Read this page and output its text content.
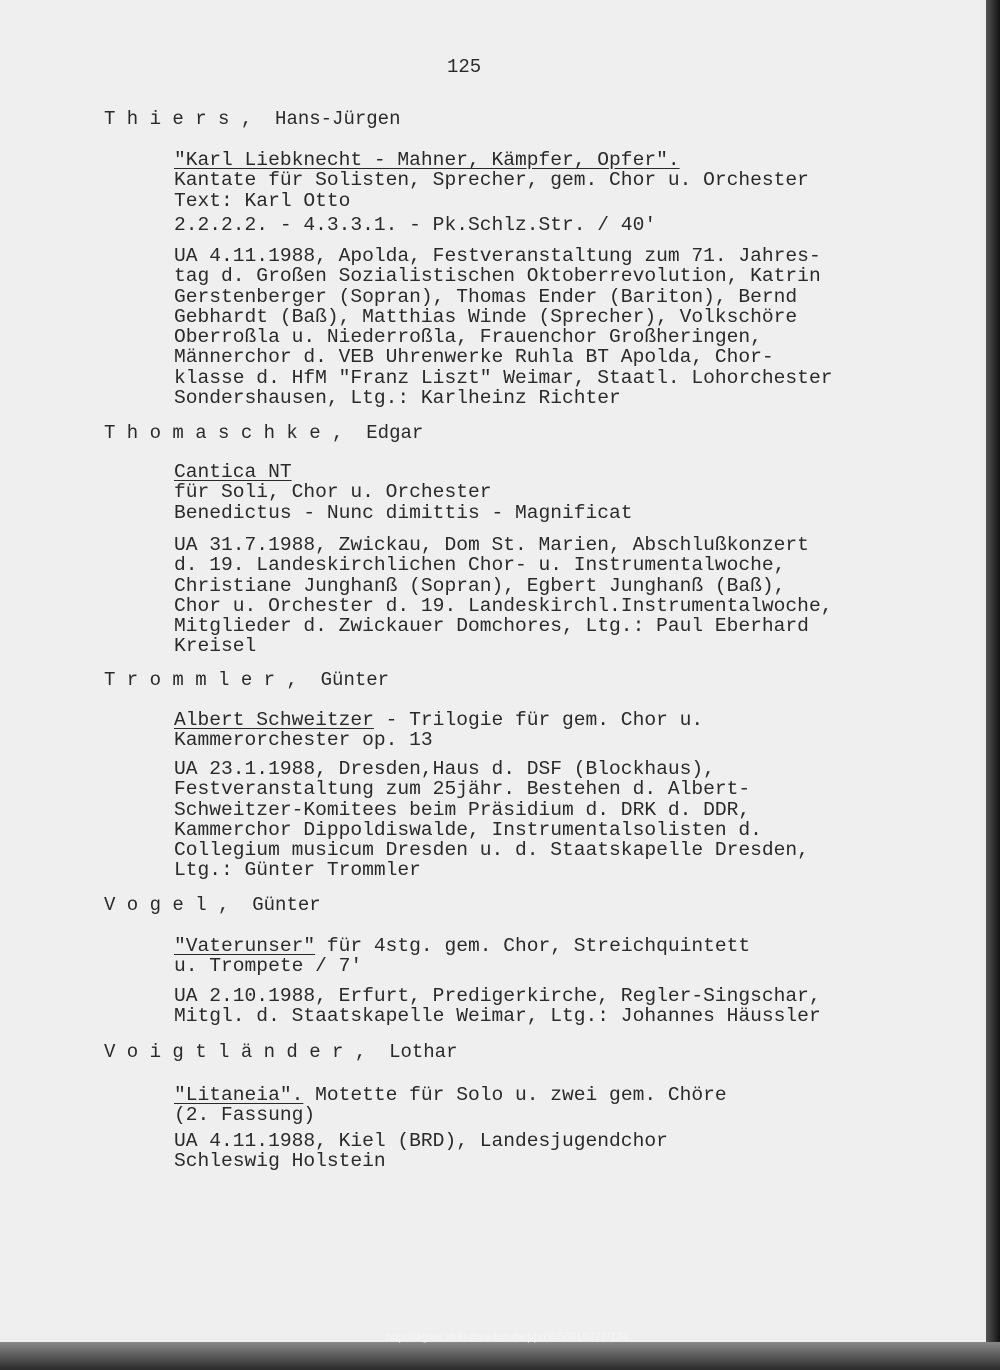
125
T h i e r s , Hans-Jürgen
"Karl Liebknecht - Mahner, Kämpfer, Opfer".
Kantate für Solisten, Sprecher, gem. Chor u. Orchester
Text: Karl Otto
2.2.2.2. - 4.3.3.1. - Pk.Schlz.Str. / 40'
UA 4.11.1988, Apolda, Festveranstaltung zum 71. Jahres-
tag d. Großen Sozialistischen Oktoberrevolution, Katrin
Gerstenberger (Sopran), Thomas Ender (Bariton), Bernd
Gebhardt (Baß), Matthias Winde (Sprecher), Volkschöre
Oberroßla u. Niederroßla, Frauenchor Großheringen,
Männerchor d. VEB Uhrenwerke Ruhla BT Apolda, Chor-
klasse d. HfM "Franz Liszt" Weimar, Staatl. Lohorchester
Sondershausen, Ltg.: Karlheinz Richter
T h o m a s c h k e , Edgar
Cantica NT
für Soli, Chor u. Orchester
Benedictus - Nunc dimittis - Magnificat
UA 31.7.1988, Zwickau, Dom St. Marien, Abschlußkonzert
d. 19. Landeskirchlichen Chor- u. Instrumentalwoche,
Christiane Junghanß (Sopran), Egbert Junghanß (Baß),
Chor u. Orchester d. 19. Landeskirchl.Instrumentalwoche,
Mitglieder d. Zwickauer Domchores, Ltg.: Paul Eberhard
Kreisel
T r o m m l e r , Günter
Albert Schweitzer - Trilogie für gem. Chor u.
Kammerorchester op. 13
UA 23.1.1988, Dresden,Haus d. DSF (Blockhaus),
Festveranstaltung zum 25jähr. Bestehen d. Albert-
Schweitzer-Komitees beim Präsidium d. DRK d. DDR,
Kammerchor Dippoldiswalde, Instrumentalsolisten d.
Collegium musicum Dresden u. d. Staatskapelle Dresden,
Ltg.: Günter Trommler
V o g e l , Günter
"Vaterunser" für 4stg. gem. Chor, Streichquintett
u. Trompete / 7'
UA 2.10.1988, Erfurt, Predigerkirche, Regler-Singschar,
Mitgl. d. Staatskapelle Weimar, Ltg.: Johannes Häussler
V o i g t l ä n d e r , Lothar
"Litaneia". Motette für Solo u. zwei gem. Chöre
(2. Fassung)
UA 4.11.1988, Kiel (BRD), Landesjugendchor
Schleswig Holstein
http://digital.slub-dresden.de/ppn3058016222/134
